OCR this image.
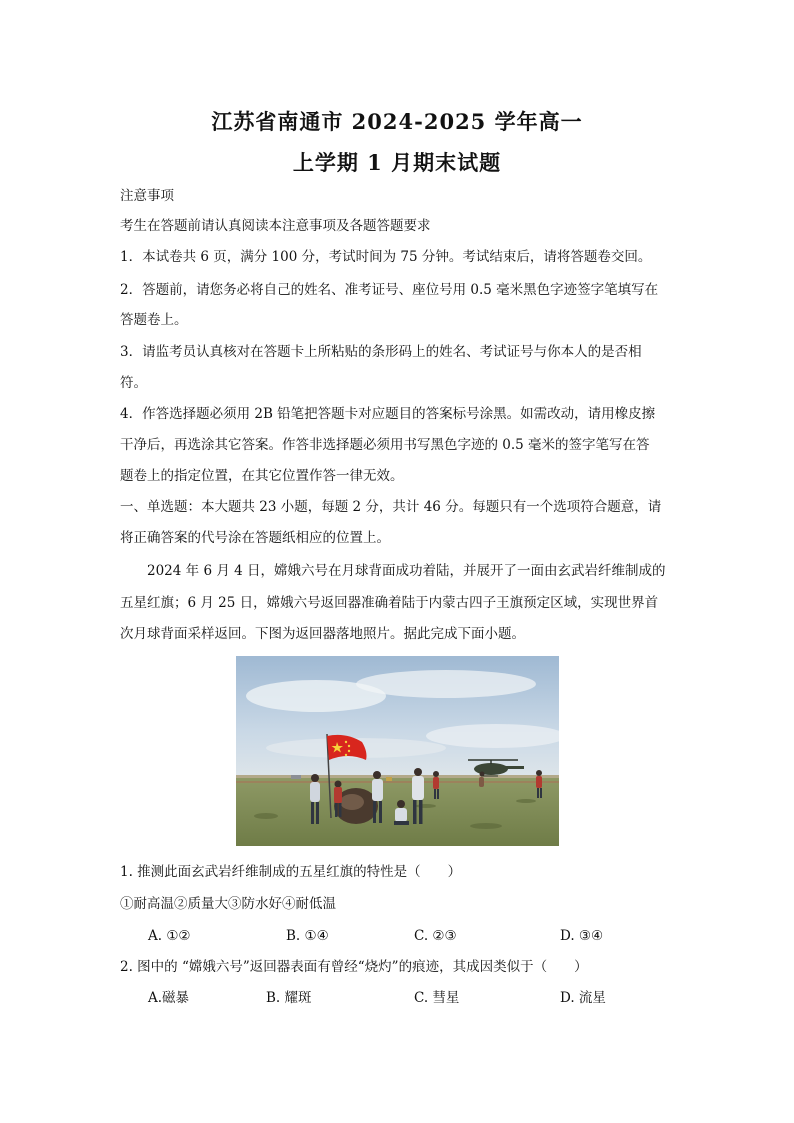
江苏省南通市 2024-2025 学年高一
上学期 1 月期末试题
注意事项
考生在答题前请认真阅读本注意事项及各题答题要求
1．本试卷共 6 页，满分 100 分，考试时间为 75 分钟。考试结束后，请将答题卷交回。
2．答题前，请您务必将自己的姓名、准考证号、座位号用 0.5 毫米黑色字迹签字笔填写在
答题卷上。
3．请监考员认真核对在答题卡上所粘贴的条形码上的姓名、考试证号与你本人的是否相
符。
4．作答选择题必须用 2B 铅笔把答题卡对应题目的答案标号涂黑。如需改动，请用橡皮擦
干净后，再选涂其它答案。作答非选择题必须用书写黑色字迹的 0.5 毫米的签字笔写在答
题卷上的指定位置，在其它位置作答一律无效。
一、单选题：本大题共 23 小题，每题 2 分，共计 46 分。每题只有一个选项符合题意，请
将正确答案的代号涂在答题纸相应的位置上。
2024 年 6 月 4 日，嫦娥六号在月球背面成功着陆，并展开了一面由玄武岩纤维制成的
五星红旗；6 月 25 日，嫦娥六号返回器准确着陆于内蒙古四子王旗预定区域，实现世界首
次月球背面采样返回。下图为返回器落地照片。据此完成下面小题。
1. 推测此面玄武岩纤维制成的五星红旗的特性是（　　）
①耐高温②质量大③防水好④耐低温
A. ①②	B. ①④	C. ②③	D. ③④
2. 图中的 “嫦娥六号”返回器表面有曾经“烧灼”的痕迹，其成因类似于（　　）
A.磁暴	B. 耀斑	C. 彗星	D. 流星
